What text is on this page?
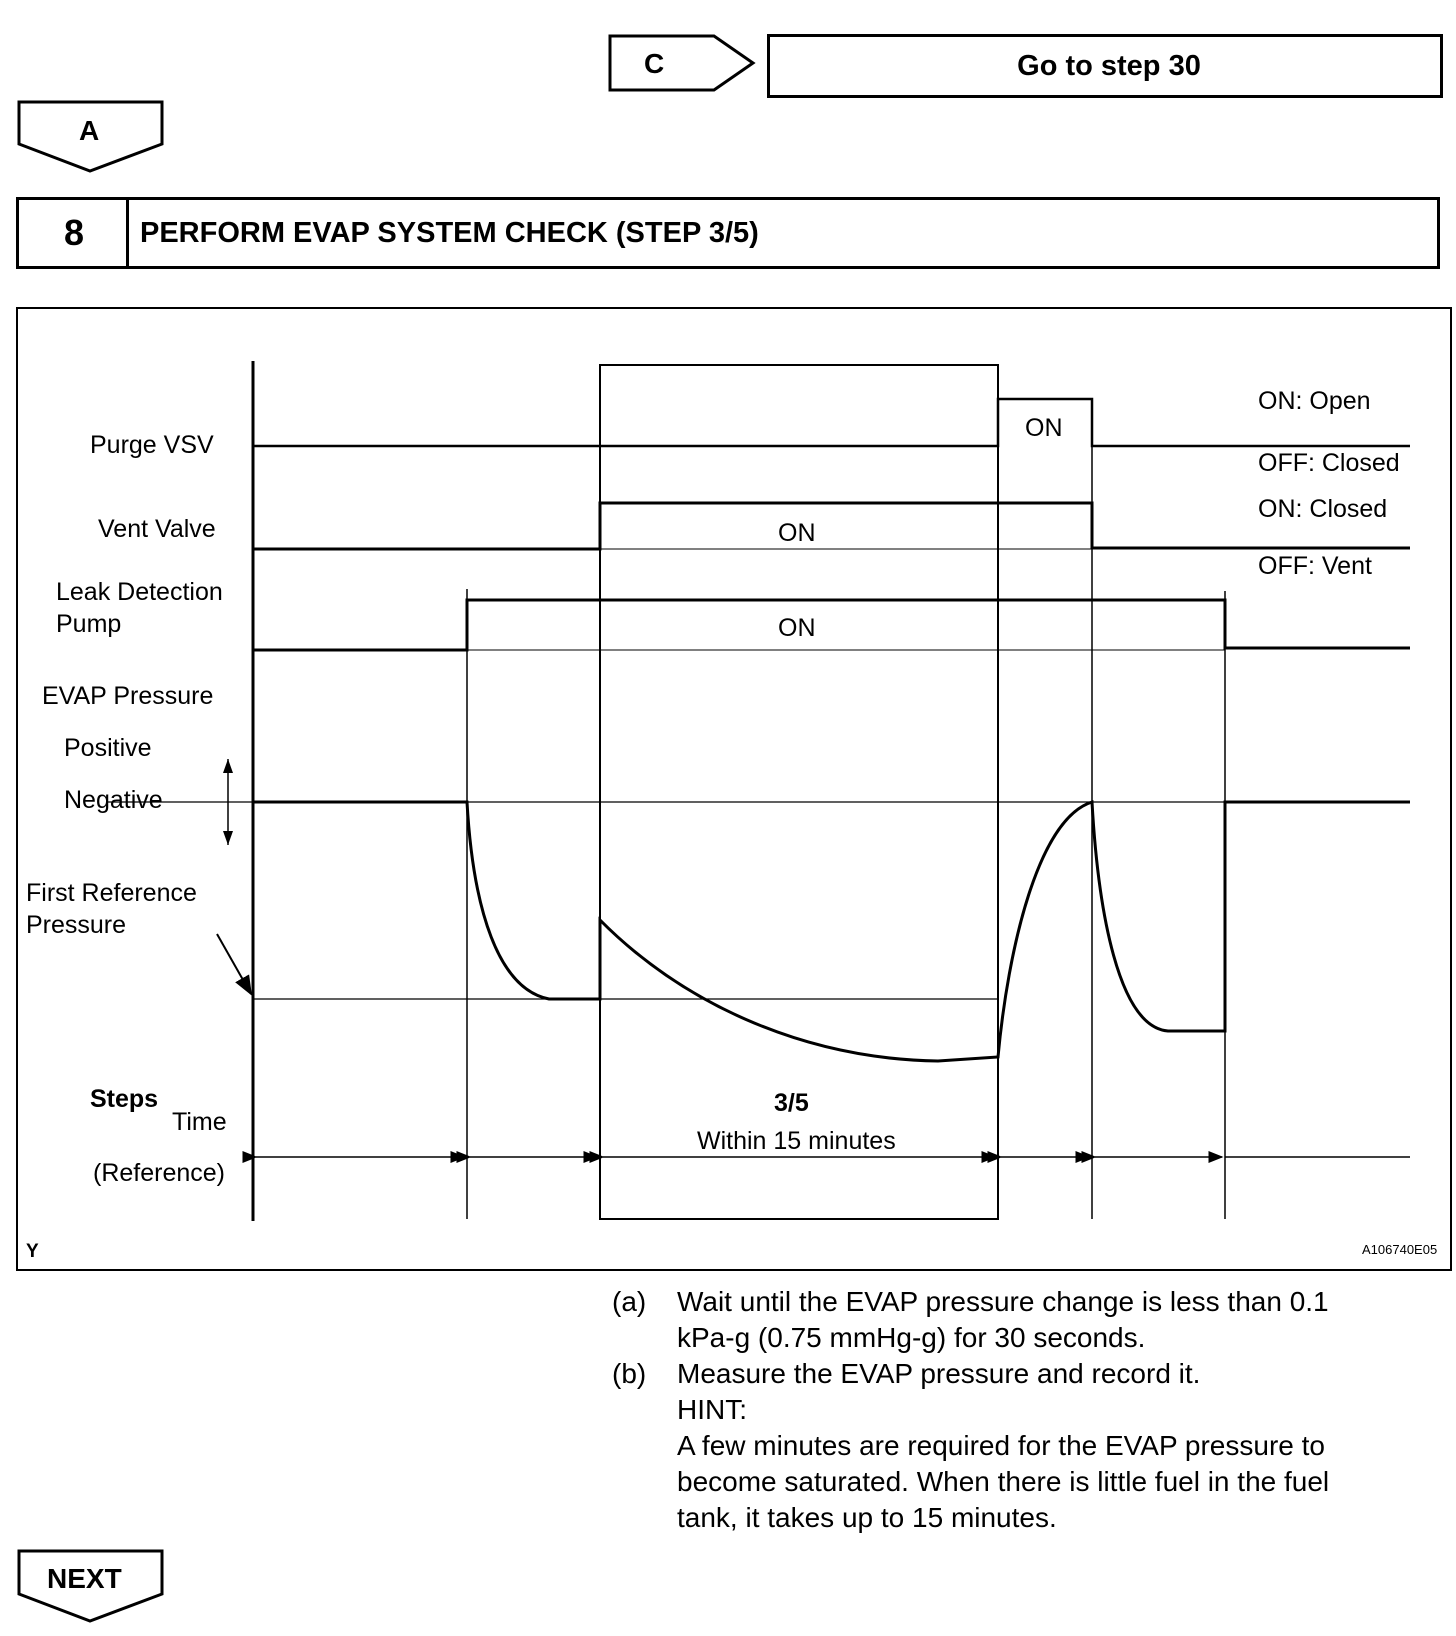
C	Go to step 30
A
8	PERFORM EVAP SYSTEM CHECK (STEP 3/5)
Purge VSV
Vent Valve
Leak Detection
Pump
EVAP Pressure
Positive
Negative
First Reference
Pressure
Steps
Time
(Reference)
ON: Open
OFF: Closed
ON: Closed
OFF: Vent
ON
ON
ON
3/5
Within 15 minutes
Y	A106740E05
(a) Wait until the EVAP pressure change is less than 0.1
kPa-g (0.75 mmHg-g) for 30 seconds.
(b) Measure the EVAP pressure and record it.
HINT:
A few minutes are required for the EVAP pressure to
become saturated. When there is little fuel in the fuel
tank, it takes up to 15 minutes.
NEXT
